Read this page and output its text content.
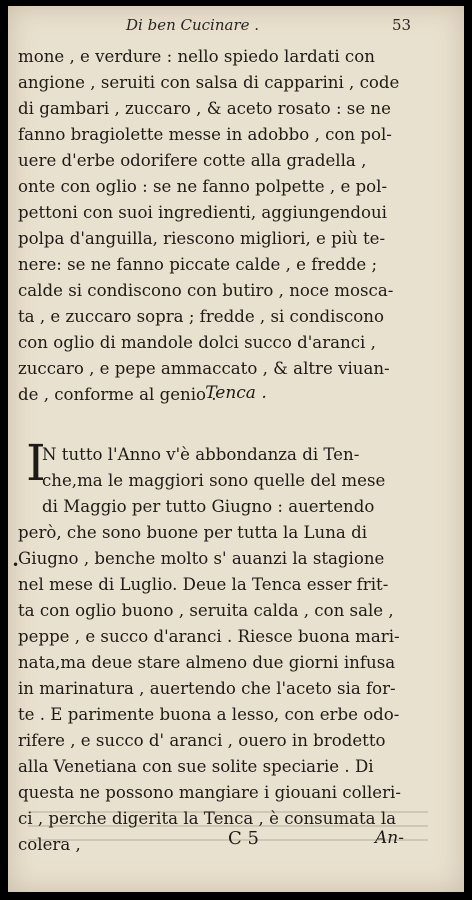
Di ben Cucinare .	53
mone , e verdure : nello spiedo lardati con
angione , seruiti con salsa di capparini , code
di gambari , zuccaro , & aceto rosato : se ne
fanno bragiolette messe in adobbo , con pol-
uere d'erbe odorifere cotte alla gradella ,
onte con oglio : se ne fanno polpette , e pol-
pettoni con suoi ingredienti, aggiungendoui
polpa d'anguilla, riescono migliori, e più te-
nere: se ne fanno piccate calde , e fredde ;
calde si condiscono con butiro , noce mosca-
ta , e zuccaro sopra ; fredde , si condiscono
con oglio di mandole dolci succo d'aranci ,
zuccaro , e pepe ammaccato , & altre viuan-
de , conforme al genio .
Tenca .
I
N tutto l'Anno v'è abbondanza di Ten-
che,ma le maggiori sono quelle del mese
di Maggio per tutto Giugno : auertendo
però, che sono buone per tutta la Luna di
Giugno , benche molto s' auanzi la stagione
nel mese di Luglio. Deue la Tenca esser frit-
ta con oglio buono , seruita calda , con sale ,
peppe , e succo d'aranci . Riesce buona mari-
nata,ma deue stare almeno due giorni infusa
in marinatura , auertendo che l'aceto sia for-
te . E parimente buona a lesso, con erbe odo-
rifere , e succo d' aranci , ouero in brodetto
alla Venetiana con sue solite speciarie . Di
questa ne possono mangiare i giouani colleri-
ci , perche digerita la Tenca , è consumata la
colera ,
•
C 5	An-
